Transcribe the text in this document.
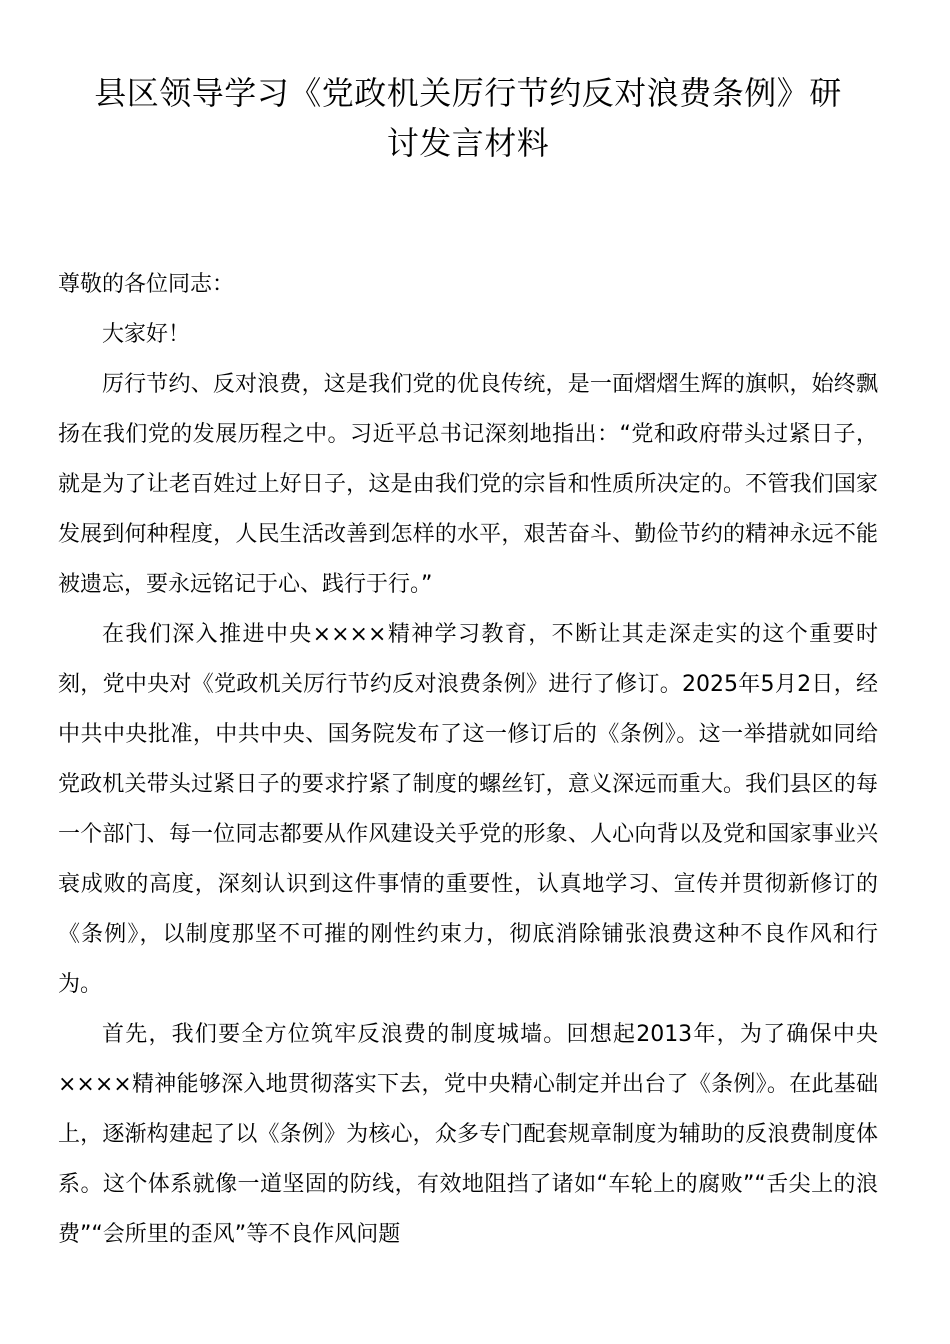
县区领导学习《党政机关厉行节约反对浪费条例》研
讨发言材料

尊敬的各位同志：

大家好！

厉行节约、反对浪费，这是我们党的优良传统，是一面熠熠生辉的旗帜，始终飘扬在我们党的发展历程之中。习近平总书记深刻地指出：“党和政府带头过紧日子，就是为了让老百姓过上好日子，这是由我们党的宗旨和性质所决定的。不管我们国家发展到何种程度，人民生活改善到怎样的水平，艰苦奋斗、勤俭节约的精神永远不能被遗忘，要永远铭记于心、践行于行。”

在我们深入推进中央××××精神学习教育，不断让其走深走实的这个重要时刻，党中央对《党政机关厉行节约反对浪费条例》进行了修订。2025年5月2日，经中共中央批准，中共中央、国务院发布了这一修订后的《条例》。这一举措就如同给党政机关带头过紧日子的要求拧紧了制度的螺丝钉，意义深远而重大。我们县区的每一个部门、每一位同志都要从作风建设关乎党的形象、人心向背以及党和国家事业兴衰成败的高度，深刻认识到这件事情的重要性，认真地学习、宣传并贯彻新修订的《条例》，以制度那坚不可摧的刚性约束力，彻底消除铺张浪费这种不良作风和行为。

首先，我们要全方位筑牢反浪费的制度城墙。回想起2013年，为了确保中央××××精神能够深入地贯彻落实下去，党中央精心制定并出台了《条例》。在此基础上，逐渐构建起了以《条例》为核心，众多专门配套规章制度为辅助的反浪费制度体系。这个体系就像一道坚固的防线，有效地阻挡了诸如“车轮上的腐败”“舌尖上的浪费”“会所里的歪风”等不良作风问题
